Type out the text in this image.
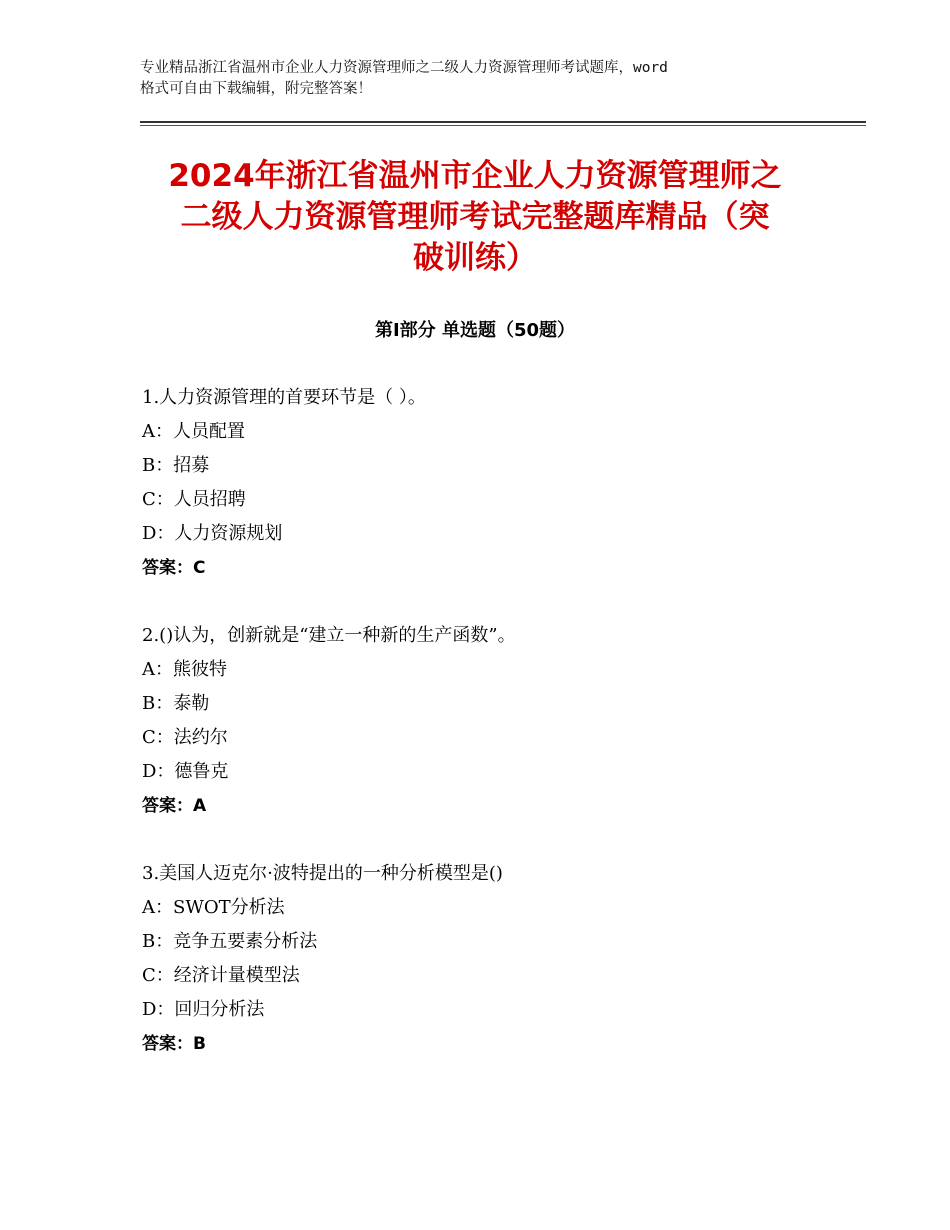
专业精品浙江省温州市企业人力资源管理师之二级人力资源管理师考试题库，word
格式可自由下载编辑，附完整答案！
2024年浙江省温州市企业人力资源管理师之
二级人力资源管理师考试完整题库精品（突
破训练）
第Ⅰ部分 单选题（50题）
1.人力资源管理的首要环节是（ ）。
A：人员配置
B：招募
C：人员招聘
D：人力资源规划
答案：C
2.()认为，创新就是“建立一种新的生产函数”。
A：熊彼特
B：泰勒
C：法约尔
D：德鲁克
答案：A
3.美国人迈克尔·波特提出的一种分析模型是()
A：SWOT分析法
B：竞争五要素分析法
C：经济计量模型法
D：回归分析法
答案：B
